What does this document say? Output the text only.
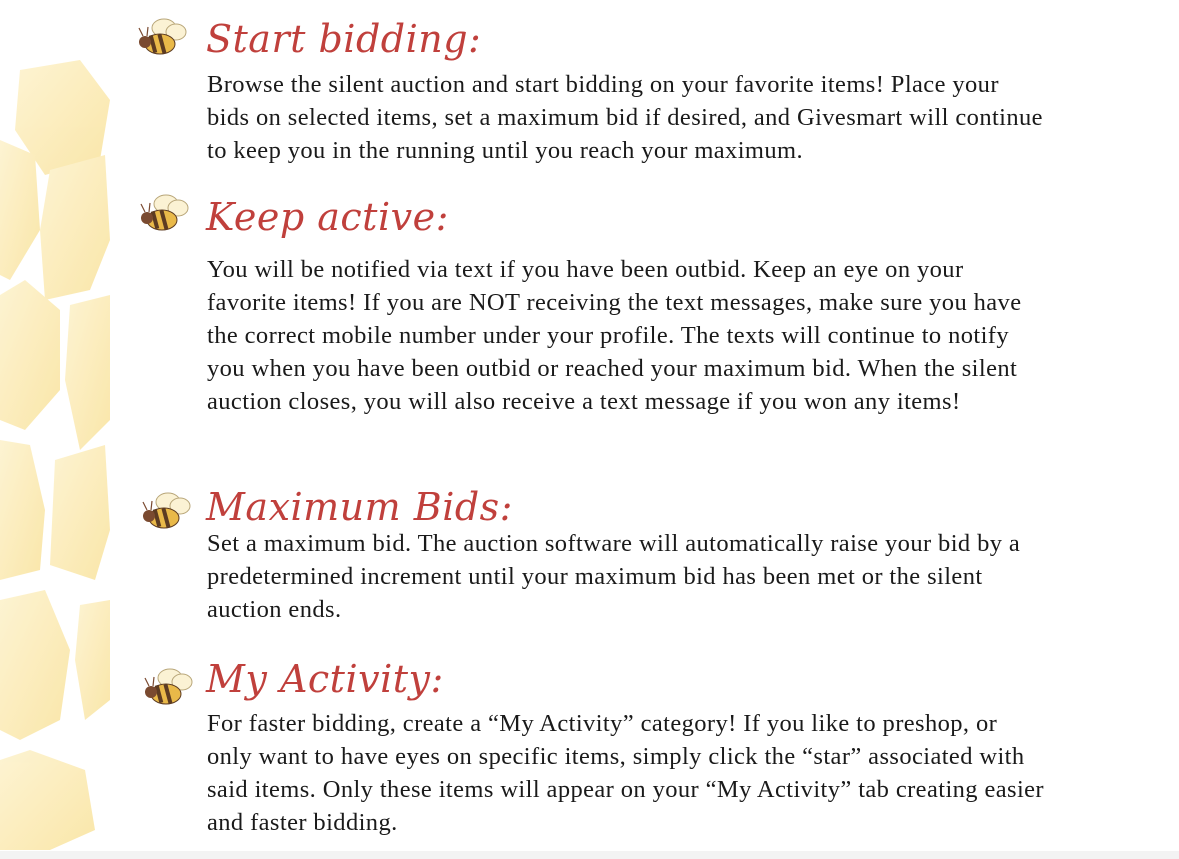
Start bidding:

Browse the silent auction and start bidding on your favorite items! Place your bids on selected items, set a maximum bid if desired, and Givesmart will continue to keep you in the running until you reach your maximum.

Keep active:

You will be notified via text if you have been outbid. Keep an eye on your favorite items! If you are NOT receiving the text messages, make sure you have the correct mobile number under your profile. The texts will continue to notify you when you have been outbid or reached your maximum bid. When the silent auction closes, you will also receive a text message if you won any items!

Maximum Bids:

Set a maximum bid. The auction software will automatically raise your bid by a predetermined increment until your maximum bid has been met or the silent auction ends.

My Activity:

For faster bidding, create a “My Activity” category! If you like to preshop, or only want to have eyes on specific items, simply click the “star” associated with said items. Only these items will appear on your “My Activity” tab creating easier and faster bidding.
